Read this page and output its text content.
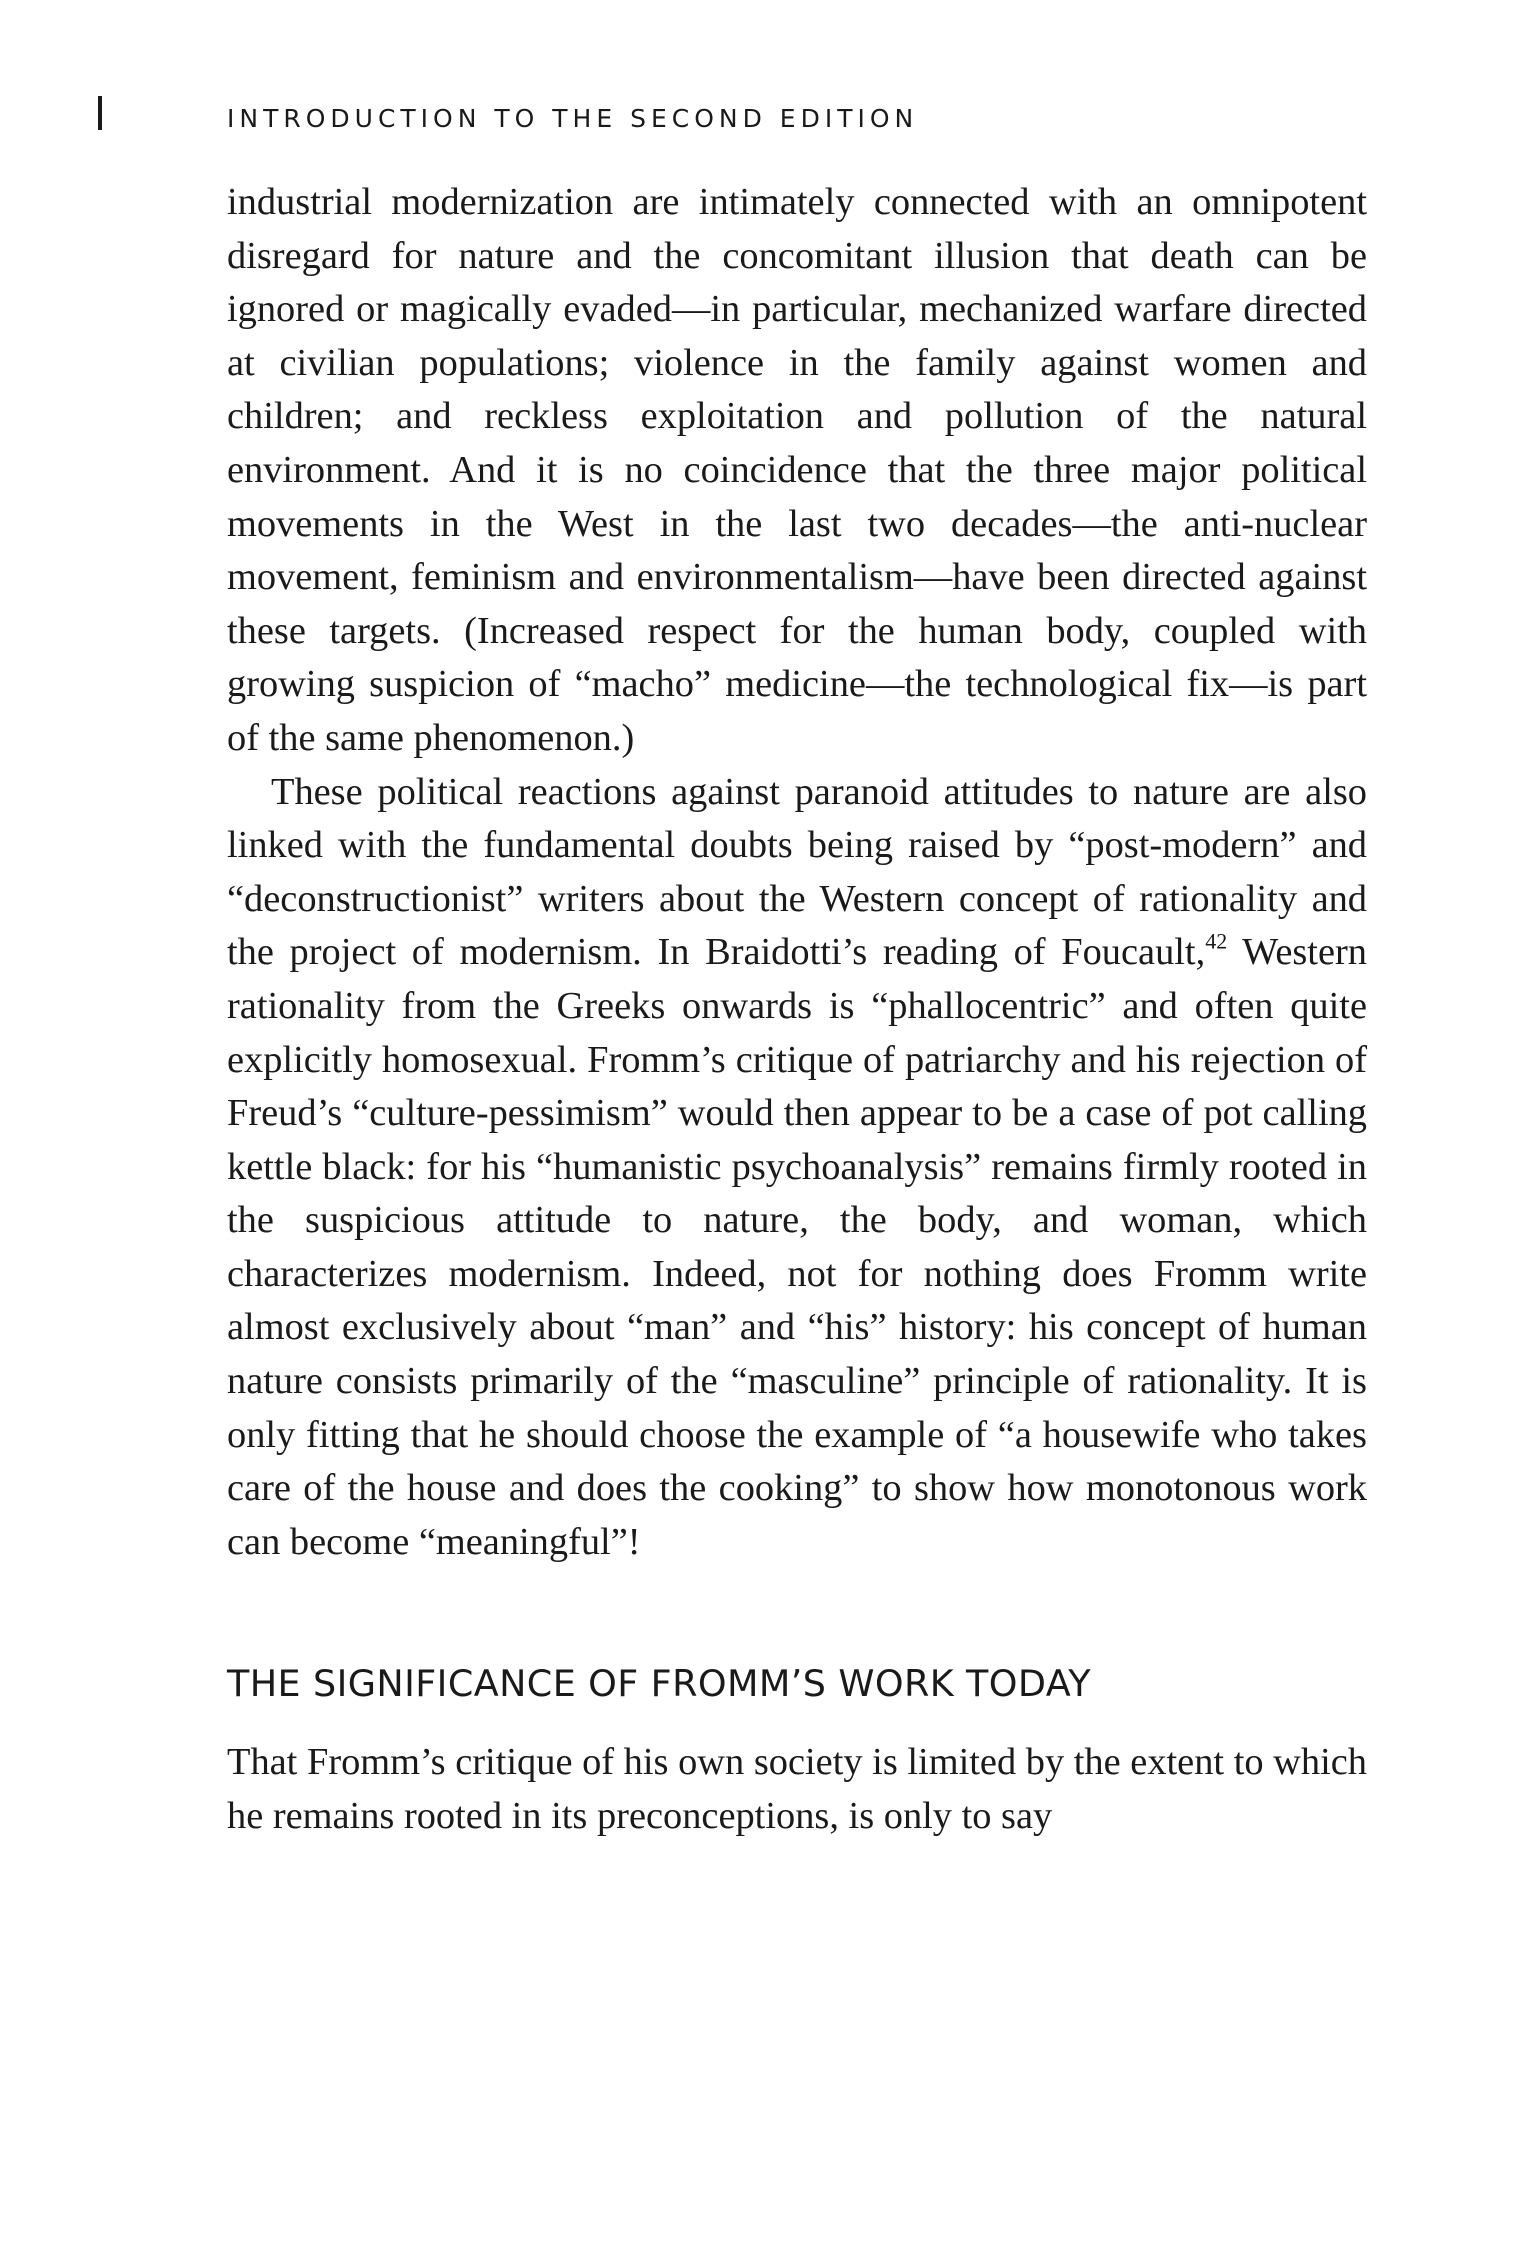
INTRODUCTION TO THE SECOND EDITION

industrial modernization are intimately connected with an omnipotent disregard for nature and the concomitant illusion that death can be ignored or magically evaded—in particular, mechanized warfare directed at civilian populations; violence in the family against women and children; and reckless exploitation and pollution of the natural environment. And it is no coincidence that the three major political movements in the West in the last two decades—the anti-nuclear movement, feminism and environmentalism—have been directed against these targets. (Increased respect for the human body, coupled with growing suspicion of “macho” medicine—the technological fix—is part of the same phenomenon.)

These political reactions against paranoid attitudes to nature are also linked with the fundamental doubts being raised by “post-modern” and “deconstructionist” writers about the Western concept of rationality and the project of modernism. In Braidotti’s reading of Foucault,$^{42}$ Western rationality from the Greeks onwards is “phallocentric” and often quite explicitly homosexual. Fromm’s critique of patriarchy and his rejection of Freud’s “culture-pessimism” would then appear to be a case of pot calling kettle black: for his “humanistic psychoanalysis” remains firmly rooted in the suspicious attitude to nature, the body, and woman, which characterizes modernism. Indeed, not for nothing does Fromm write almost exclusively about “man” and “his” history: his concept of human nature consists primarily of the “masculine” principle of rationality. It is only fitting that he should choose the example of “a housewife who takes care of the house and does the cooking” to show how monotonous work can become “meaningful”!

THE SIGNIFICANCE OF FROMM’S WORK TODAY

That Fromm’s critique of his own society is limited by the extent to which he remains rooted in its preconceptions, is only to say
